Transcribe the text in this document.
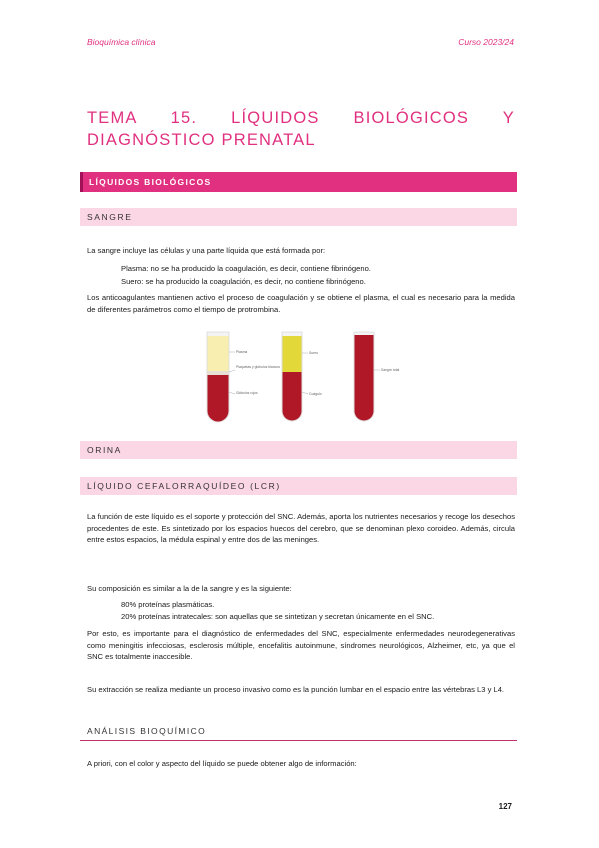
Bioquímica clínica	Curso 2023/24
TEMA 15. LÍQUIDOS BIOLÓGICOS Y DIAGNÓSTICO PRENATAL
LÍQUIDOS BIOLÓGICOS
SANGRE

La sangre incluye las células y una parte líquida que está formada por:

Plasma: no se ha producido la coagulación, es decir, contiene fibrinógeno.

Suero: se ha producido la coagulación, es decir, no contiene fibrinógeno.

Los anticoagulantes mantienen activo el proceso de coagulación y se obtiene el plasma, el cual es necesario para la medida de diferentes parámetros como el tiempo de protrombina.

Plasma
Plaquetas y glóbulos blancos
Glóbulos rojos
Suero
Coágulo
Sangre total
ORINA
LÍQUIDO CEFALORRAQUÍDEO (LCR)

La función de este líquido es el soporte y protección del SNC. Además, aporta los nutrientes necesarios y recoge los desechos procedentes de este. Es sintetizado por los espacios huecos del cerebro, que se denominan plexo coroideo. Además, circula entre estos espacios, la médula espinal y entre dos de las meninges.

Su composición es similar a la de la sangre y es la siguiente:

80% proteínas plasmáticas.

20% proteínas intratecales: son aquellas que se sintetizan y secretan únicamente en el SNC.

Por esto, es importante para el diagnóstico de enfermedades del SNC, especialmente enfermedades neurodegenerativas como meningitis infecciosas, esclerosis múltiple, encefalitis autoinmune, síndromes neurológicos, Alzheimer, etc, ya que el SNC es totalmente inaccesible.

Su extracción se realiza mediante un proceso invasivo como es la punción lumbar en el espacio entre las vértebras L3 y L4.

ANÁLISIS BIOQUÍMICO

A priori, con el color y aspecto del líquido se puede obtener algo de información:

127
